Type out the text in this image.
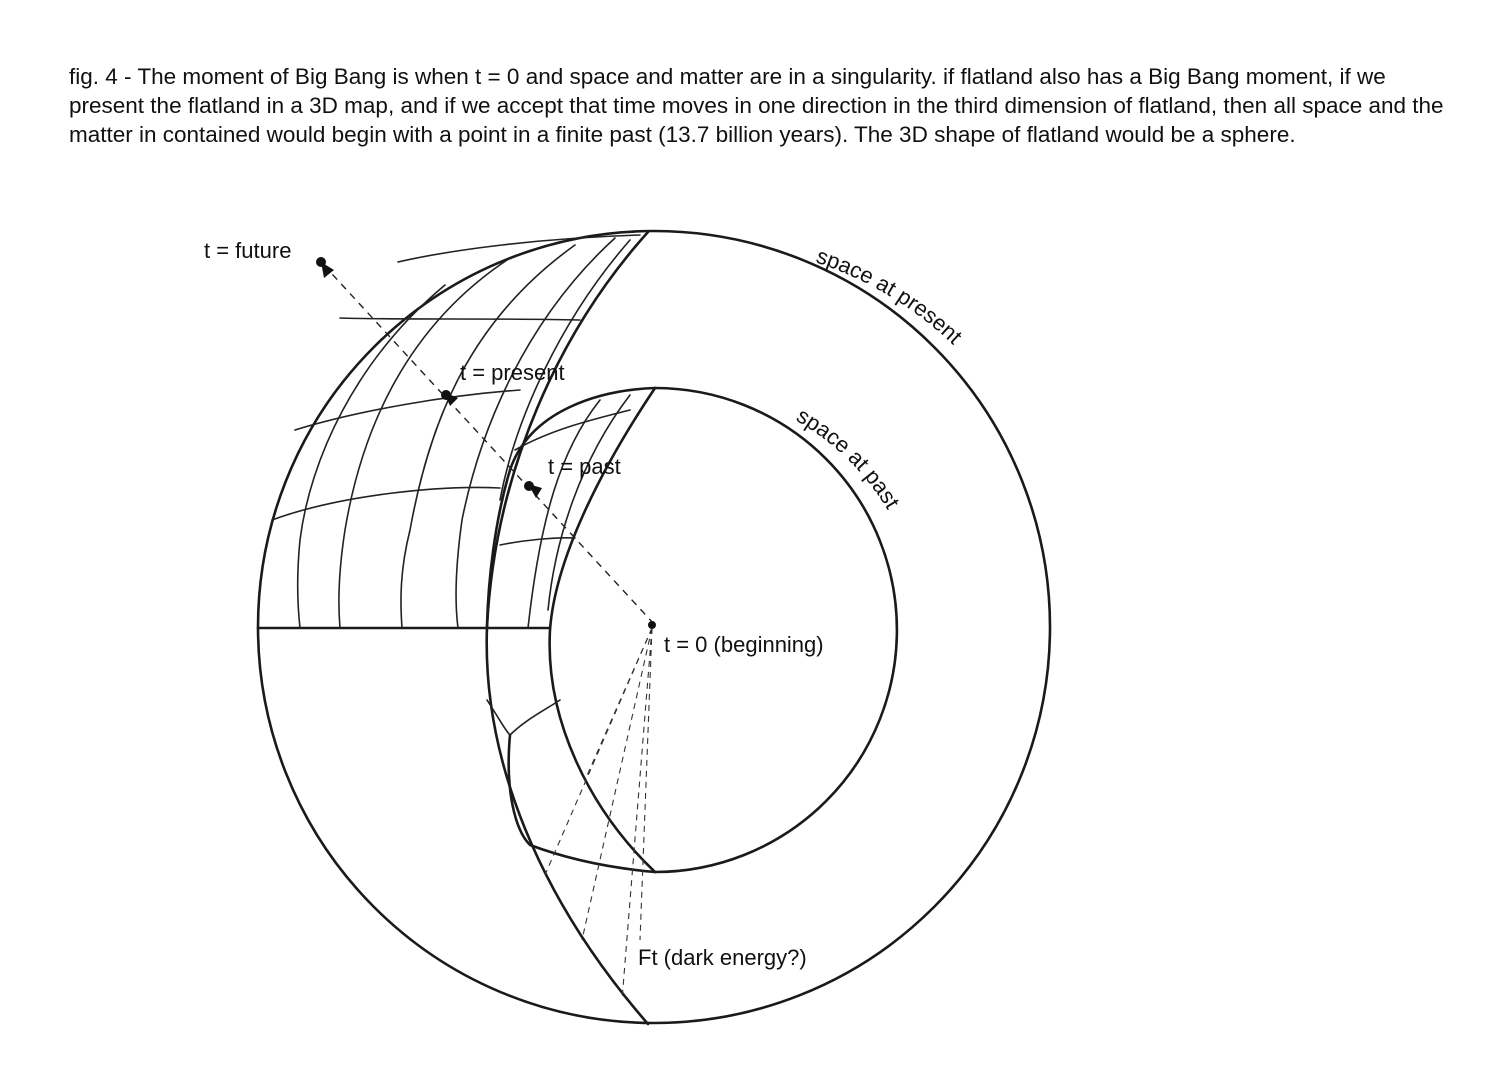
fig. 4 - The moment of Big Bang is when t = 0 and space and matter are in a singularity. if flatland also has a Big Bang moment, if we present the flatland in a 3D map, and if we accept that time moves in one direction in the third dimension of flatland, then all space and the matter in contained would begin with a point in a finite past (13.7 billion years). The 3D shape of flatland would be a sphere.

t = future
t = present
t = past
t = 0 (beginning)
Ft (dark energy?)
space at present
space at past
